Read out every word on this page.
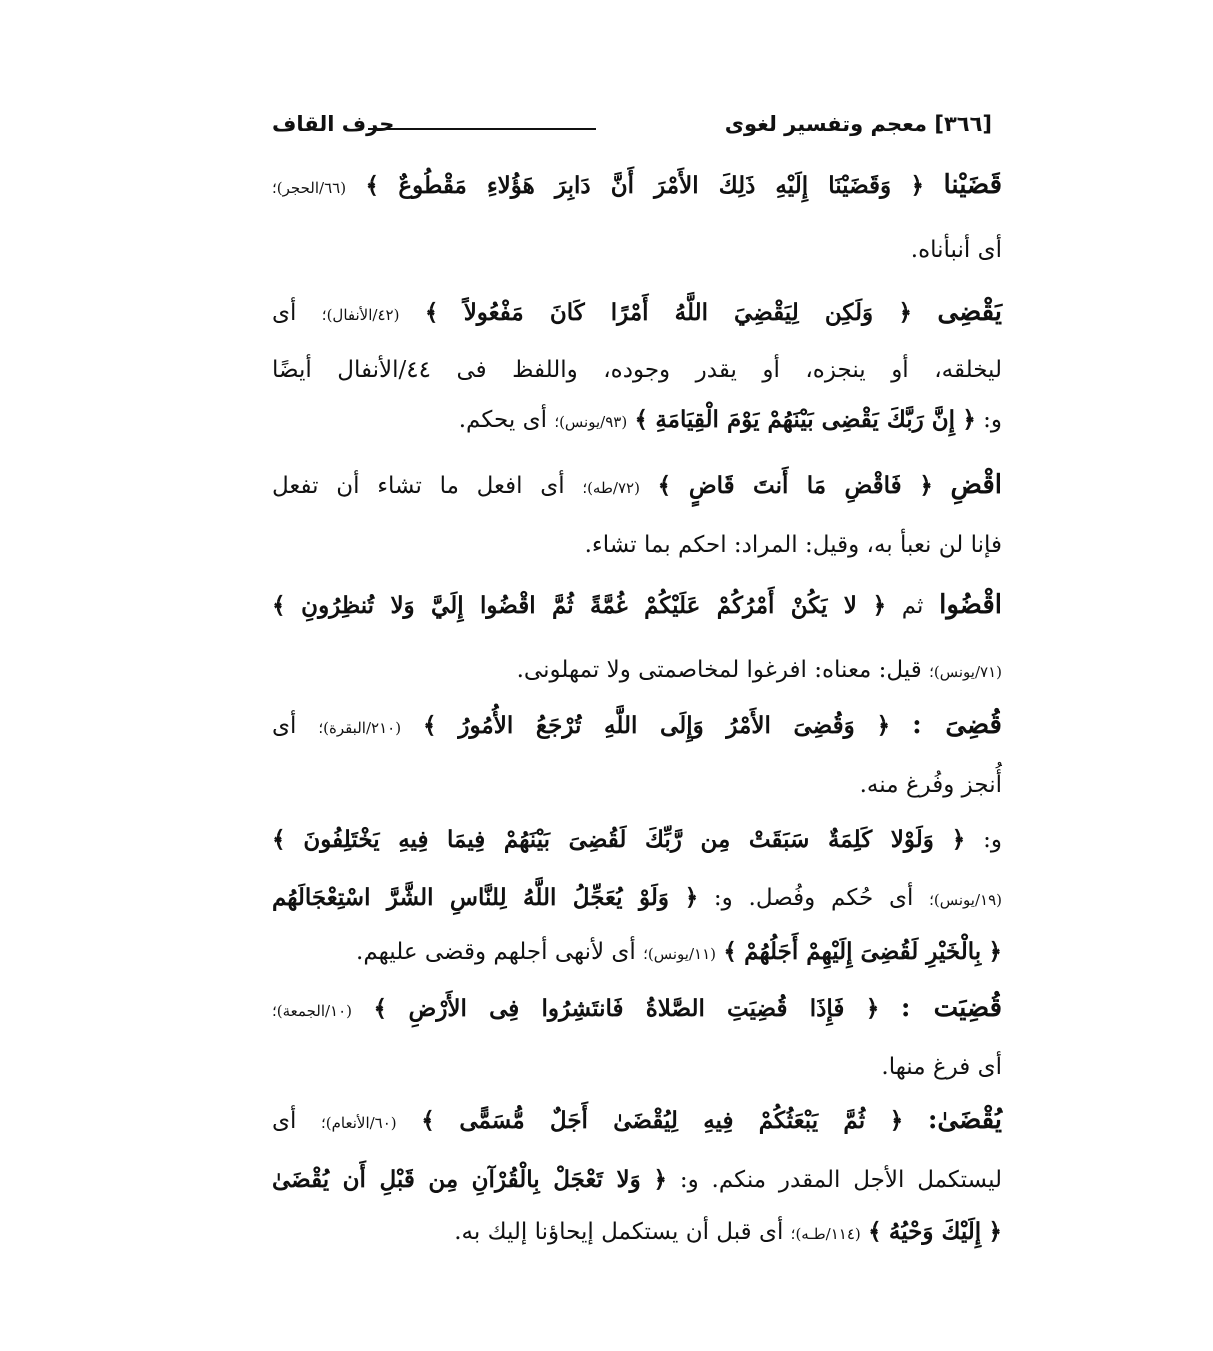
[٣٦٦] معجم وتفسير لغوى
حرف القاف
قَضَيْنا ﴿ وَقَضَيْنَا إِلَيْهِ ذَلِكَ الأَمْرَ أَنَّ دَابِرَ هَؤُلاءِ مَقْطُوعٌ ﴾ (٦٦/الحجر)؛
أى أنبأناه.
يَقْضِى ﴿ وَلَكِن لِيَقْضِيَ اللَّهُ أَمْرًا كَانَ مَفْعُولاً ﴾ (٤٢/الأنفال)؛ أى
ليخلقه، أو ينجزه، أو يقدر وجوده، واللفظ فى ٤٤/الأنفال أيضًا
و: ﴿ إِنَّ رَبَّكَ يَقْضِى بَيْنَهُمْ يَوْمَ الْقِيَامَةِ ﴾ (٩٣/يونس)؛ أى يحكم.
اقْضِ ﴿ فَاقْضِ مَا أَنتَ قَاضٍ ﴾ (٧٢/طه)؛ أى افعل ما تشاء أن تفعل
فإنا لن نعبأ به، وقيل: المراد: احكم بما تشاء.
اقْضُوا ثم ﴿ لا يَكُنْ أَمْرُكُمْ عَلَيْكُمْ غُمَّةً ثُمَّ اقْضُوا إِلَيَّ وَلا تُنظِرُونِ ﴾
(٧١/يونس)؛ قيل: معناه: افرغوا لمخاصمتى ولا تمهلونى.
قُضِىَ : ﴿ وَقُضِىَ الأَمْرُ وَإِلَى اللَّهِ تُرْجَعُ الأُمُورُ ﴾ (٢١٠/البقرة)؛ أى
أُنجز وفُرغ منه.
و: ﴿ وَلَوْلا كَلِمَةٌ سَبَقَتْ مِن رَّبِّكَ لَقُضِىَ بَيْنَهُمْ فِيمَا فِيهِ يَخْتَلِفُونَ ﴾
(١٩/يونس)؛ أى حُكم وفُصل. و: ﴿ وَلَوْ يُعَجِّلُ اللَّهُ لِلنَّاسِ الشَّرَّ اسْتِعْجَالَهُم
﴿ بِالْخَيْرِ لَقُضِىَ إِلَيْهِمْ أَجَلُهُمْ ﴾ (١١/يونس)؛ أى لأنهى أجلهم وقضى عليهم.
قُضِيَت : ﴿ فَإِذَا قُضِيَتِ الصَّلاةُ فَانتَشِرُوا فِى الأَرْضِ ﴾ (١٠/الجمعة)؛
أى فرغ منها.
يُقْضَىٰ: ﴿ ثُمَّ يَبْعَثُكُمْ فِيهِ لِيُقْضَىٰ أَجَلٌ مُّسَمًّى ﴾ (٦٠/الأنعام)؛ أى
ليستكمل الأجل المقدر منكم. و: ﴿ وَلا تَعْجَلْ بِالْقُرْآنِ مِن قَبْلِ أَن يُقْضَىٰ
﴿ إِلَيْكَ وَحْيُهُ ﴾ (١١٤/طـه)؛ أى قبل أن يستكمل إيحاؤنا إليك به.
